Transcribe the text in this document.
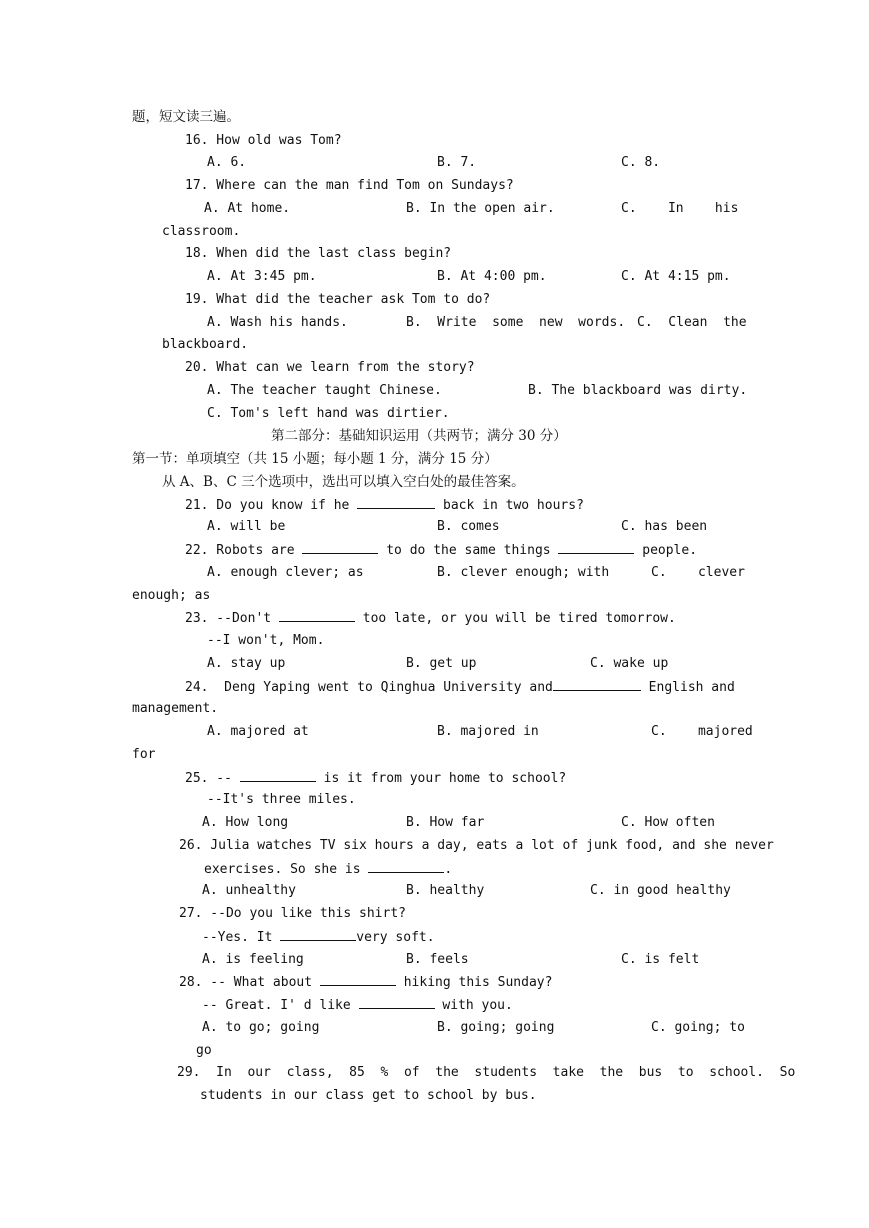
题，短文读三遍。
16. How old was Tom?
A. 6.	B. 7.	C. 8.
17. Where can the man find Tom on Sundays?
A. At home.	B. In the open air.	C.    In    his
classroom.
18. When did the last class begin?
A. At 3:45 pm.	B. At 4:00 pm.	C. At 4:15 pm.
19. What did the teacher ask Tom to do?
A. Wash his hands.	B.  Write  some  new  words. C.  Clean  the
blackboard.
20. What can we learn from the story?
A. The teacher taught Chinese.	B. The blackboard was dirty.
C. Tom's left hand was dirtier.
第二部分：基础知识运用（共两节；满分 30 分）
第一节：单项填空（共 15 小题；每小题 1 分，满分 15 分）
从 A、B、C 三个选项中，选出可以填入空白处的最佳答案。
21. Do you know if he	back in two hours?
A. will be	B. comes	C. has been
22. Robots are	to do the same things	people.
A. enough clever; as	B. clever enough; with	C.    clever
enough; as
23. --Don't	too late, or you will be tired tomorrow.
--I won't, Mom.
A. stay up	B. get up	C. wake up
24.  Deng Yaping went to Qinghua University and	English and
management.
A. majored at	B. majored in	C.    majored
for
25. --	is it from your home to school?
--It's three miles.
A. How long	B. How far	C. How often
26. Julia watches TV six hours a day, eats a lot of junk food, and she never
exercises. So she is	.
A. unhealthy	B. healthy	C. in good healthy
27. --Do you like this shirt?
--Yes. It	very soft.
A. is feeling	B. feels	C. is felt
28. -- What about	hiking this Sunday?
-- Great. I' d like	with you.
A. to go; going	B. going; going	C. going; to
go
29.  In  our  class,  85  %  of  the  students  take  the  bus  to  school.  So
students in our class get to school by bus.
